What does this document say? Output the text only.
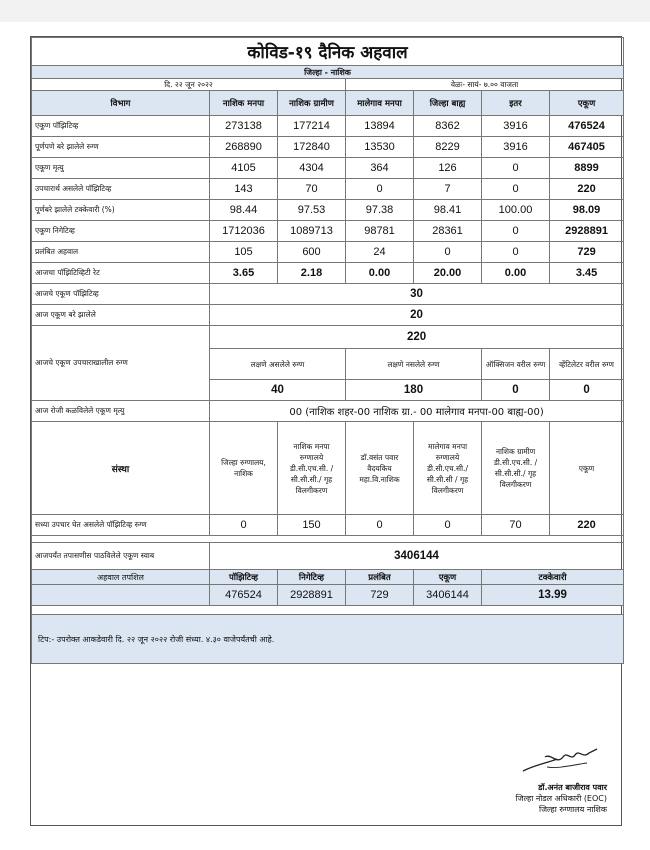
कोविड-१९ दैनिक अहवाल						
जिल्हा - नाशिक						
दि. २२ जून २०२२			वेळः- सायं- ७.०० वाजता			
विभाग	नाशिक मनपा	नाशिक ग्रामीण	मालेगाव मनपा	जिल्हा बाह्य	इतर	एकूण
एकूण पॉझिटिव्ह	273138	177214	13894	8362	3916	476524
पूर्णपणे बरे झालेले रुग्ण	268890	172840	13530	8229	3916	467405
एकूण मृत्यु	4105	4304	364	126	0	8899
उपचारार्थ असलेले पॉझिटिव्ह	143	70	0	7	0	220
पूर्णबरे झालेले टक्केवारी (%)	98.44	97.53	97.38	98.41	100.00	98.09
एकूण निगेटिव्ह	1712036	1089713	98781	28361	0	2928891
प्रलंबित अहवाल	105	600	24	0	0	729
आजचा पॉझिटिव्हिटी रेट	3.65	2.18	0.00	20.00	0.00	3.45
आजचे एकूण पॉझिटिव्ह	30					
आज एकूण बरे झालेले	20					
आजचे एकूण उपचाराखालील रुग्ण	220					
	लक्षणे असलेले रुग्ण		लक्षणे नसलेले रुग्ण		ऑक्सिजन वरील रुग्ण	व्हेंटिलेटर वरील रुग्ण
	40		180		0	0
आज रोजी कळविलेले एकूण मृत्यु	00 (नाशिक शहर-00 नाशिक ग्रा.- 00 मालेगाव मनपा-00 बाह्य-00)					
संस्था	जिल्हा रुग्णालय, नाशिक	नाशिक मनपा रुग्णालये डी.सी.एच.सी. / सी.सी.सी./ गृह विलगीकरण	डॉ.वसंत पवार वैदयकिय महा.वि.नाशिक	मालेगाव मनपा रुग्णालये डी.सी.एच.सी./ सी.सी.सी / गृह विलगीकरण	नाशिक ग्रामीण डी.सी.एच.सी. /सी.सी.सी./ गृह विलगीकरण	एकूण
सध्या उपचार घेत असलेले पॉझिटिव्ह रुग्ण	0	150	0	0	70	220

आजपर्यंत तपासणीस पाठविलेले एकूण स्वाब	3406144					
अहवाल तपशिल	पॉझिटिव्ह	निगेटिव्ह	प्रलंबित	एकूण	टक्केवारी	
	476524	2928891	729	3406144	13.99	

टिप:- उपरोक्त आकडेवारी दि. २२ जून २०२२ रोजी संध्या. ४.३० वाजेपर्यंतची आहे.						
डॉ.अनंत बाजीराव पवार
जिल्हा नोडल अधिकारी (EOC)
जिल्हा रुग्णालय नाशिक
